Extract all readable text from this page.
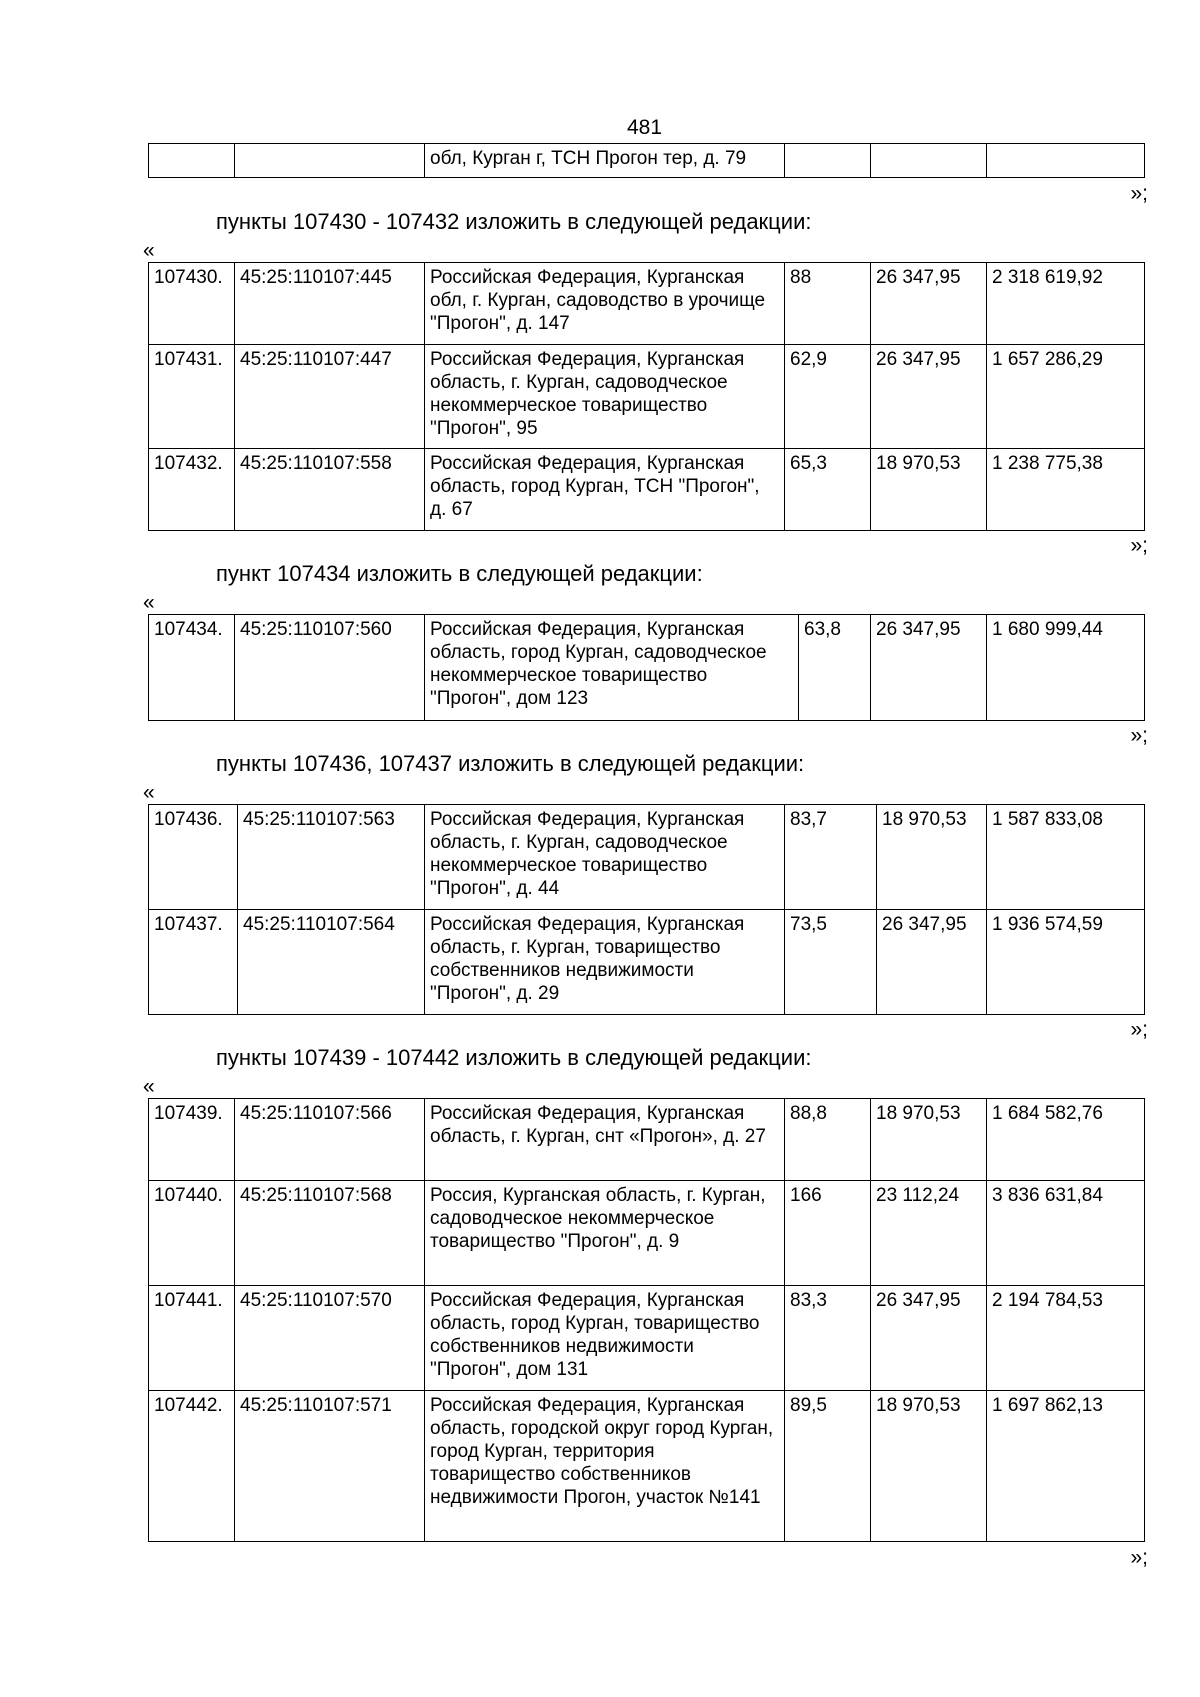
481
		обл, Курган г, ТСН Прогон тер, д. 79			
»;
пункты 107430 - 107432 изложить в следующей редакции:
«
107430.	45:25:110107:445	Российская Федерация, Курганская обл, г. Курган, садоводство в урочище "Прогон", д. 147	88	26 347,95	2 318 619,92
107431.	45:25:110107:447	Российская Федерация, Курганская область, г. Курган, садоводческое некоммерческое товарищество "Прогон", 95	62,9	26 347,95	1 657 286,29
107432.	45:25:110107:558	Российская Федерация, Курганская область, город Курган, ТСН "Прогон", д. 67	65,3	18 970,53	1 238 775,38
»;
пункт 107434 изложить в следующей редакции:
«
107434.	45:25:110107:560	Российская Федерация, Курганская область, город Курган, садоводческое некоммерческое товарищество "Прогон", дом 123	63,8	26 347,95	1 680 999,44
»;
пункты 107436, 107437 изложить в следующей редакции:
«
107436.	45:25:110107:563	Российская Федерация, Курганская область, г. Курган, садоводческое некоммерческое товарищество "Прогон", д. 44	83,7	18 970,53	1 587 833,08
107437.	45:25:110107:564	Российская Федерация, Курганская область, г. Курган, товарищество собственников недвижимости "Прогон", д. 29	73,5	26 347,95	1 936 574,59
»;
пункты 107439 - 107442 изложить в следующей редакции:
«
107439.	45:25:110107:566	Российская Федерация, Курганская область, г. Курган, снт «Прогон», д. 27	88,8	18 970,53	1 684 582,76
107440.	45:25:110107:568	Россия, Курганская область, г. Курган, садоводческое некоммерческое товарищество "Прогон", д. 9	166	23 112,24	3 836 631,84
107441.	45:25:110107:570	Российская Федерация, Курганская область, город Курган, товарищество собственников недвижимости "Прогон", дом 131	83,3	26 347,95	2 194 784,53
107442.	45:25:110107:571	Российская Федерация, Курганская область, городской округ город Курган, город Курган, территория товарищество собственников недвижимости Прогон, участок №141	89,5	18 970,53	1 697 862,13
»;
